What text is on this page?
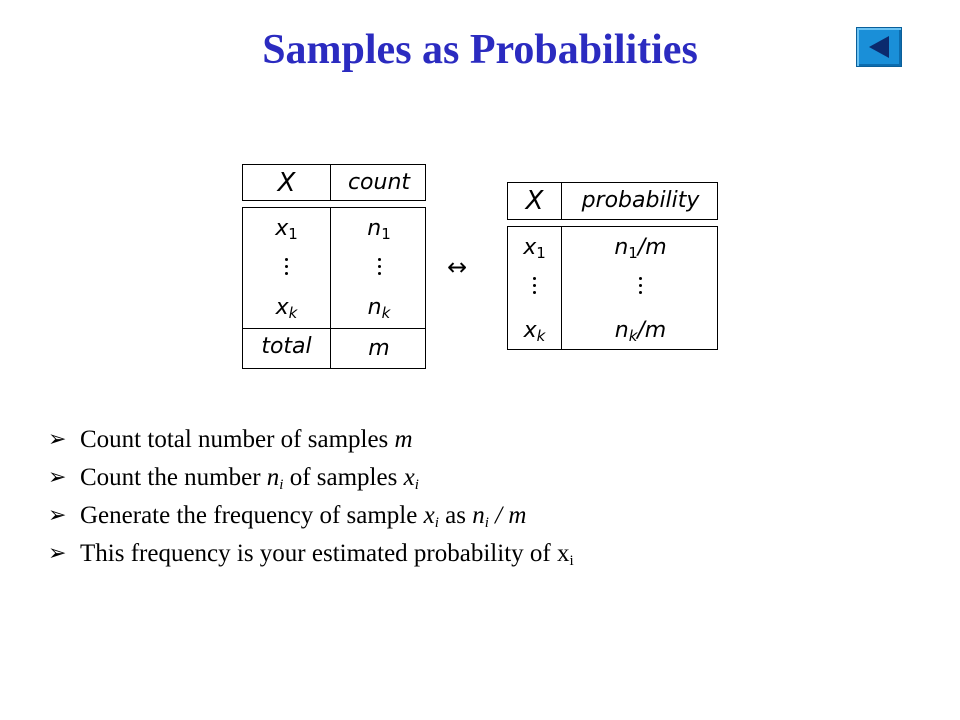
Samples as Probabilities
X	count
$x_1$	$n_1$
$x_k$	$n_k$
total	m
↔
X	probability
$x_1$	$n_1/m$
$x_k$	$n_k/m$
➢ Count total number of samples m
➢ Count the number $n_i$ of samples $x_i$
➢ Generate the frequency of sample $x_i$ as $n_i$ / m
➢ This frequency is your estimated probability of $x_i$
